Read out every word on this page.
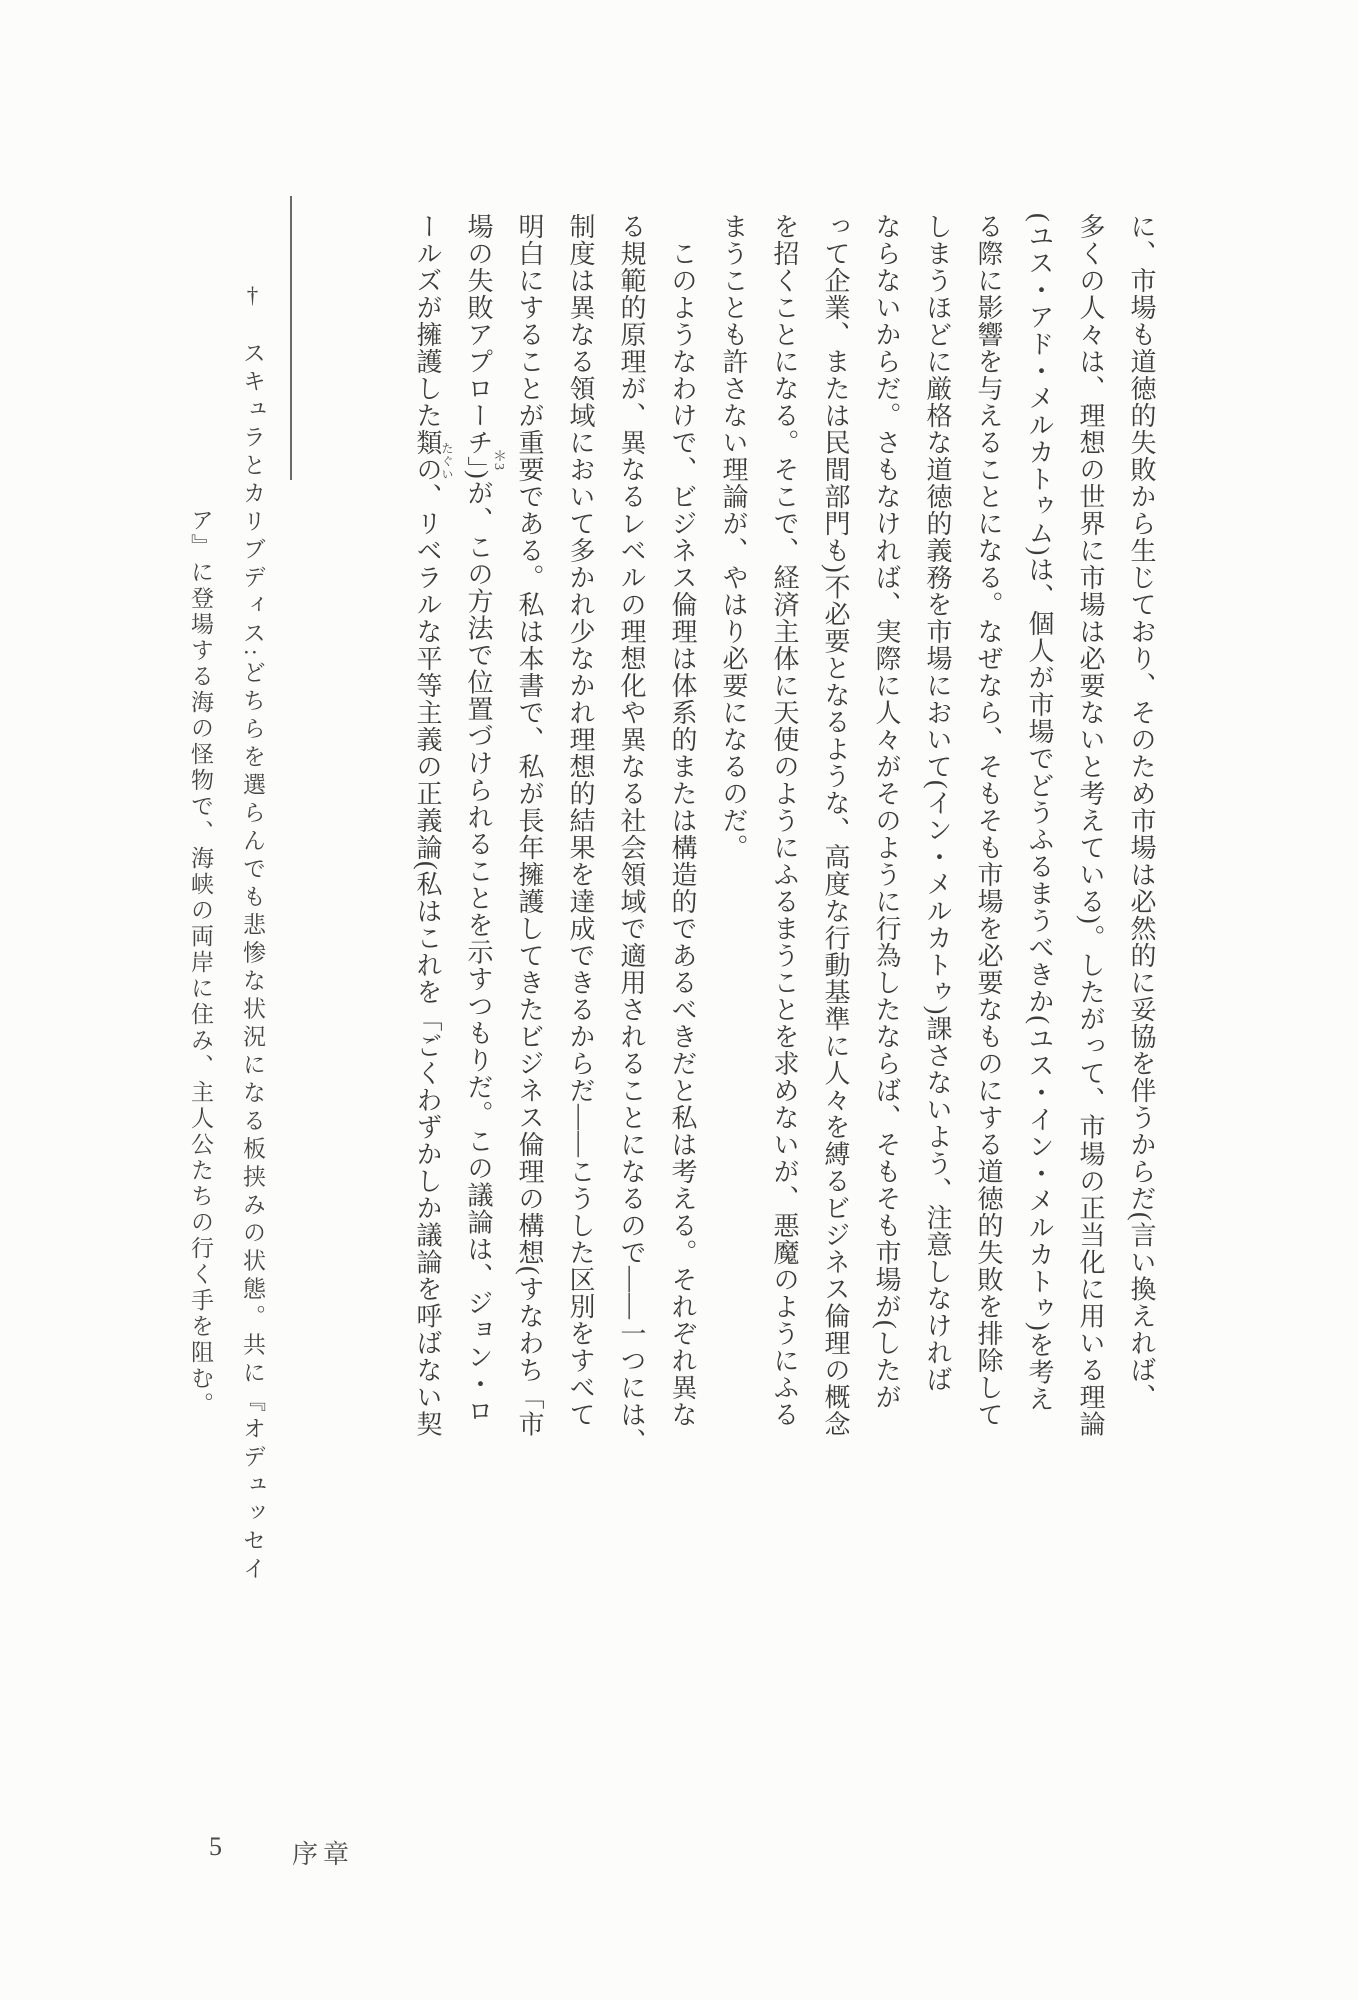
に、市場も道徳的失敗から生じており、そのため市場は必然的に妥協を伴うからだ(言い換えれば、
多くの人々は、理想の世界に市場は必要ないと考えている)。したがって、市場の正当化に用いる理論
(ユス・アド・メルカトゥム)は、個人が市場でどうふるまうべきか(ユス・イン・メルカトゥ)を考え
る際に影響を与えることになる。なぜなら、そもそも市場を必要なものにする道徳的失敗を排除して
しまうほどに厳格な道徳的義務を市場において(イン・メルカトゥ)課さないよう、注意しなければ
ならないからだ。さもなければ、実際に人々がそのように行為したならば、そもそも市場が(したが
って企業、または民間部門も)不必要となるような、高度な行動基準に人々を縛るビジネス倫理の概念
を招くことになる。そこで、経済主体に天使のようにふるまうことを求めないが、悪魔のようにふる
まうことも許さない理論が、やはり必要になるのだ。
　このようなわけで、ビジネス倫理は体系的または構造的であるべきだと私は考える。それぞれ異な
る規範的原理が、異なるレベルの理想化や異なる社会領域で適用されることになるので――一つには、
制度は異なる領域において多かれ少なかれ理想的結果を達成できるからだ――こうした区別をすべて
明白にすることが重要である。私は本書で、私が長年擁護してきたビジネス倫理の構想(すなわち「市
場の失敗アプローチ」)が、この方法で位置づけられることを示すつもりだ。この議論は、ジョン・ロ
ールズが擁護した類の、リベラルな平等主義の正義論(私はこれを「ごくわずかしか議論を呼ばない契	＊3
たぐい
†　スキュラとカリブディス:どちらを選らんでも悲惨な状況になる板挟みの状態。共に『オデュッセイ
ア』に登場する海の怪物で、海峡の両岸に住み、主人公たちの行く手を阻む。
5	序章
